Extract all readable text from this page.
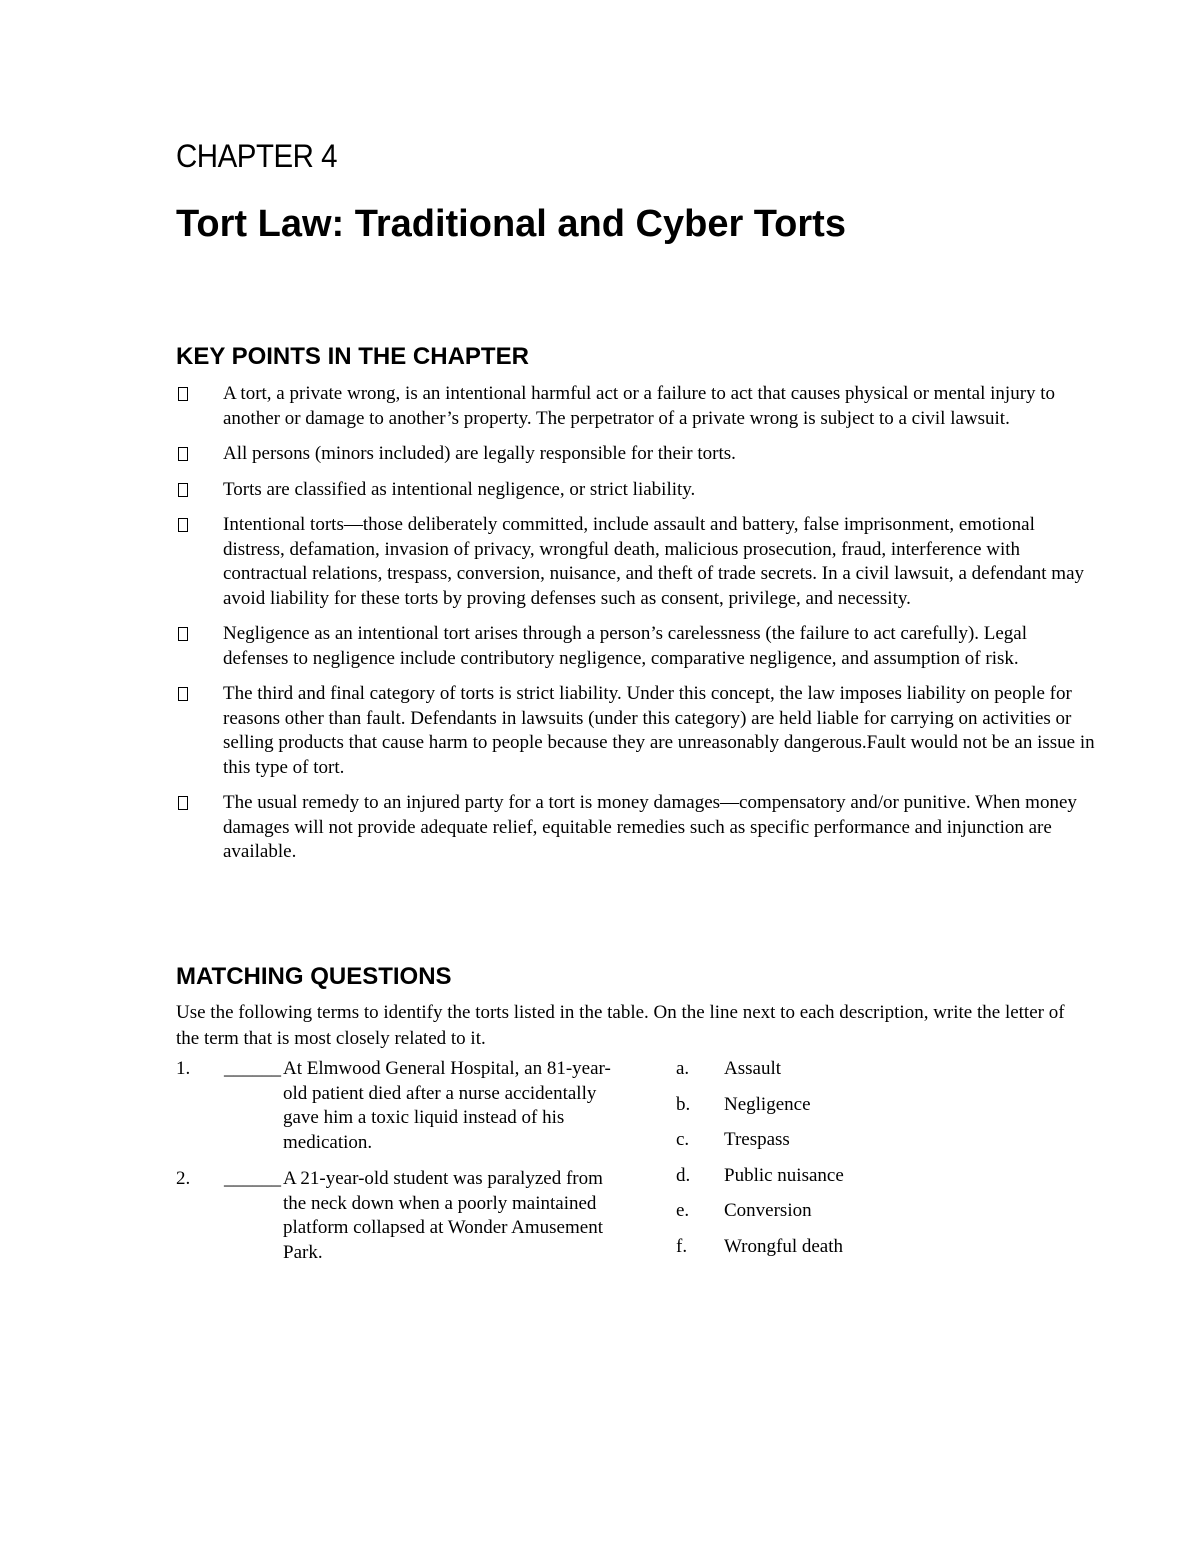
CHAPTER 4
Tort Law: Traditional and Cyber Torts
KEY POINTS IN THE CHAPTER
A tort, a private wrong, is an intentional harmful act or a failure to act that causes physical or mental injury to another or damage to another’s property. The perpetrator of a private wrong is subject to a civil lawsuit.
All persons (minors included) are legally responsible for their torts.
Torts are classified as intentional negligence, or strict liability.
Intentional torts—those deliberately committed, include assault and battery, false imprisonment, emotional distress, defamation, invasion of privacy, wrongful death, malicious prosecution, fraud, interference with contractual relations, trespass, conversion, nuisance, and theft of trade secrets. In a civil lawsuit, a defendant may avoid liability for these torts by proving defenses such as consent, privilege, and necessity.
Negligence as an intentional tort arises through a person’s carelessness (the failure to act carefully). Legal defenses to negligence include contributory negligence, comparative negligence, and assumption of risk.
The third and final category of torts is strict liability. Under this concept, the law imposes liability on people for reasons other than fault. Defendants in lawsuits (under this category) are held liable for carrying on activities or selling products that cause harm to people because they are unreasonably dangerous.Fault would not be an issue in this type of tort.
The usual remedy to an injured party for a tort is money damages—compensatory and/or punitive. When money damages will not provide adequate relief, equitable remedies such as specific performance and injunction are available.
MATCHING QUESTIONS

Use the following terms to identify the torts listed in the table. On the line next to each description, write the letter of the term that is most closely related to it.

1. ______ At Elmwood General Hospital, an 81-year-old patient died after a nurse accidentally gave him a toxic liquid instead of his medication.
2. ______ A 21-year-old student was paralyzed from the neck down when a poorly maintained platform collapsed at Wonder Amusement Park.
a. Assault
b. Negligence
c. Trespass
d. Public nuisance
e. Conversion
f. Wrongful death
